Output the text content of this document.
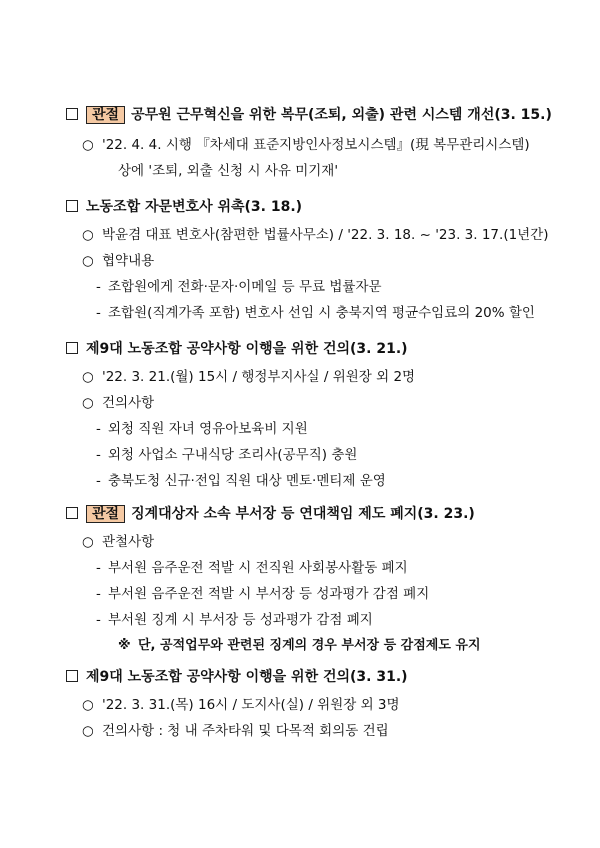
관절 공무원 근무혁신을 위한 복무(조퇴, 외출) 관련 시스템 개선(3. 15.)
○ '22. 4. 4. 시행 『차세대 표준지방인사정보시스템』(現 복무관리시스템)
상에 '조퇴, 외출 신청 시 사유 미기재'
노동조합 자문변호사 위촉(3. 18.)
○ 박윤겸 대표 변호사(참편한 법률사무소) / '22. 3. 18. ~ '23. 3. 17.(1년간)
○ 협약내용
- 조합원에게 전화·문자·이메일 등 무료 법률자문
- 조합원(직계가족 포함) 변호사 선임 시 충북지역 평균수임료의 20% 할인
제9대 노동조합 공약사항 이행을 위한 건의(3. 21.)
○ '22. 3. 21.(월) 15시 / 행정부지사실 / 위원장 외 2명
○ 건의사항
- 외청 직원 자녀 영유아보육비 지원
- 외청 사업소 구내식당 조리사(공무직) 충원
- 충북도청 신규·전입 직원 대상 멘토·멘티제 운영
관절 징계대상자 소속 부서장 등 연대책임 제도 폐지(3. 23.)
○ 관철사항
- 부서원 음주운전 적발 시 전직원 사회봉사활동 폐지
- 부서원 음주운전 적발 시 부서장 등 성과평가 감점 폐지
- 부서원 징계 시 부서장 등 성과평가 감점 폐지
※ 단, 공적업무와 관련된 징계의 경우 부서장 등 감점제도 유지
제9대 노동조합 공약사항 이행을 위한 건의(3. 31.)
○ '22. 3. 31.(목) 16시 / 도지사(실) / 위원장 외 3명
○ 건의사항 : 청 내 주차타워 및 다목적 회의동 건립
